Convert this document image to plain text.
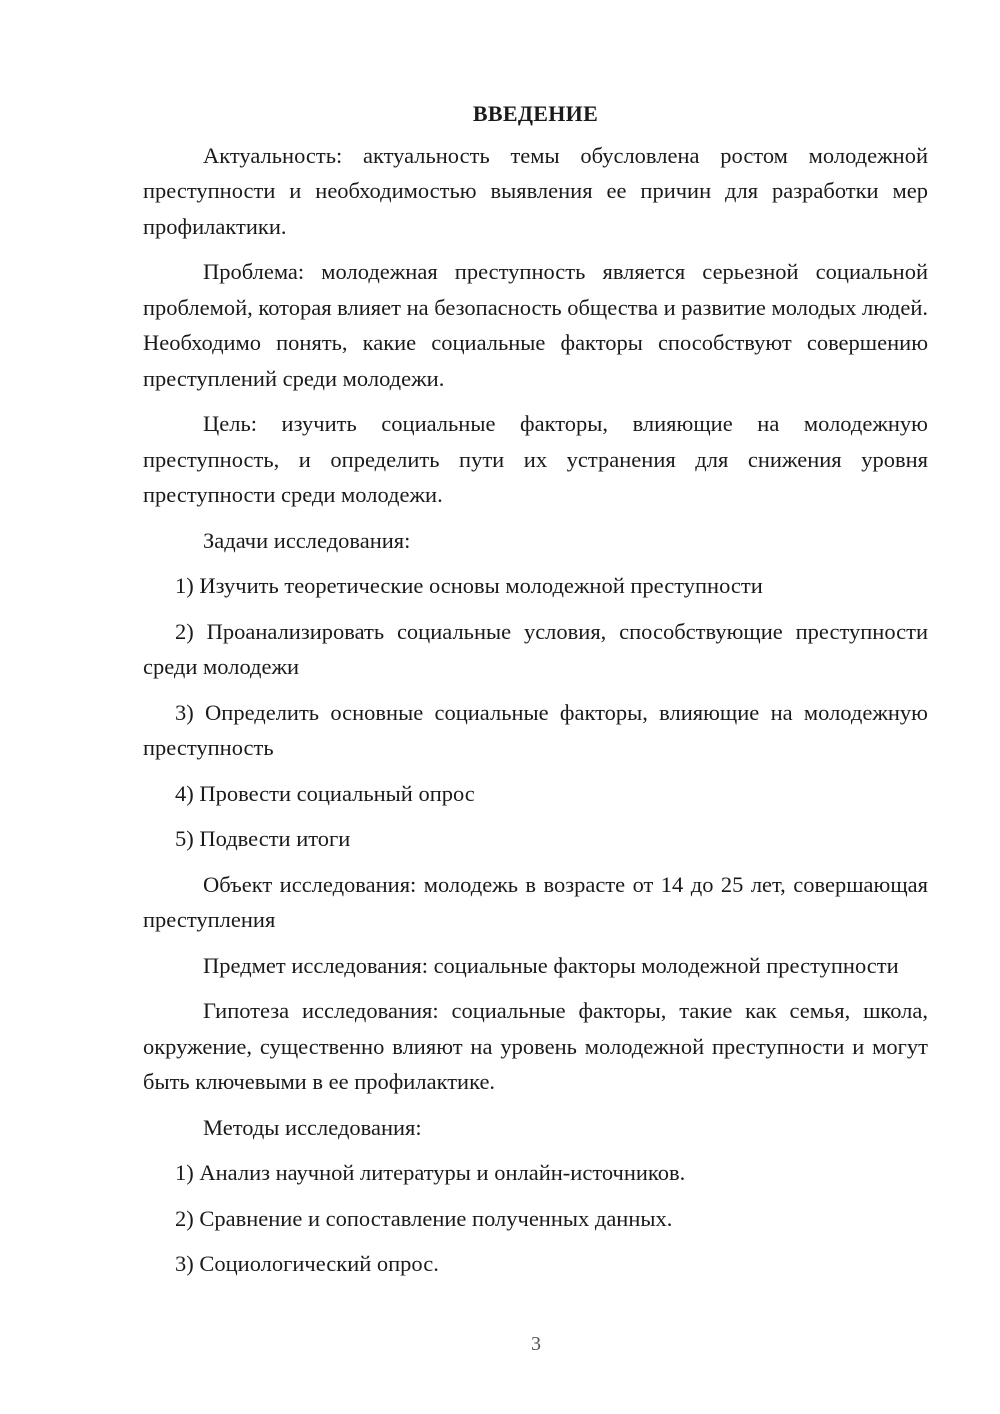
ВВЕДЕНИЕ

Актуальность: актуальность темы обусловлена ростом молодежной преступности и необходимостью выявления ее причин для разработки мер профилактики.

Проблема: молодежная преступность является серьезной социальной проблемой, которая влияет на безопасность общества и развитие молодых людей. Необходимо понять, какие социальные факторы способствуют совершению преступлений среди молодежи.

Цель: изучить социальные факторы, влияющие на молодежную преступность, и определить пути их устранения для снижения уровня преступности среди молодежи.

Задачи исследования:

1) Изучить теоретические основы молодежной преступности

2) Проанализировать социальные условия, способствующие преступности среди молодежи

3) Определить основные социальные факторы, влияющие на молодежную преступность

4) Провести социальный опрос

5) Подвести итоги

Объект исследования: молодежь в возрасте от 14 до 25 лет, совершающая преступления

Предмет исследования: социальные факторы молодежной преступности

Гипотеза исследования: социальные факторы, такие как семья, школа, окружение, существенно влияют на уровень молодежной преступности и могут быть ключевыми в ее профилактике.

Методы исследования:

1) Анализ научной литературы и онлайн-источников.

2) Сравнение и сопоставление полученных данных.

3) Социологический опрос.

3
